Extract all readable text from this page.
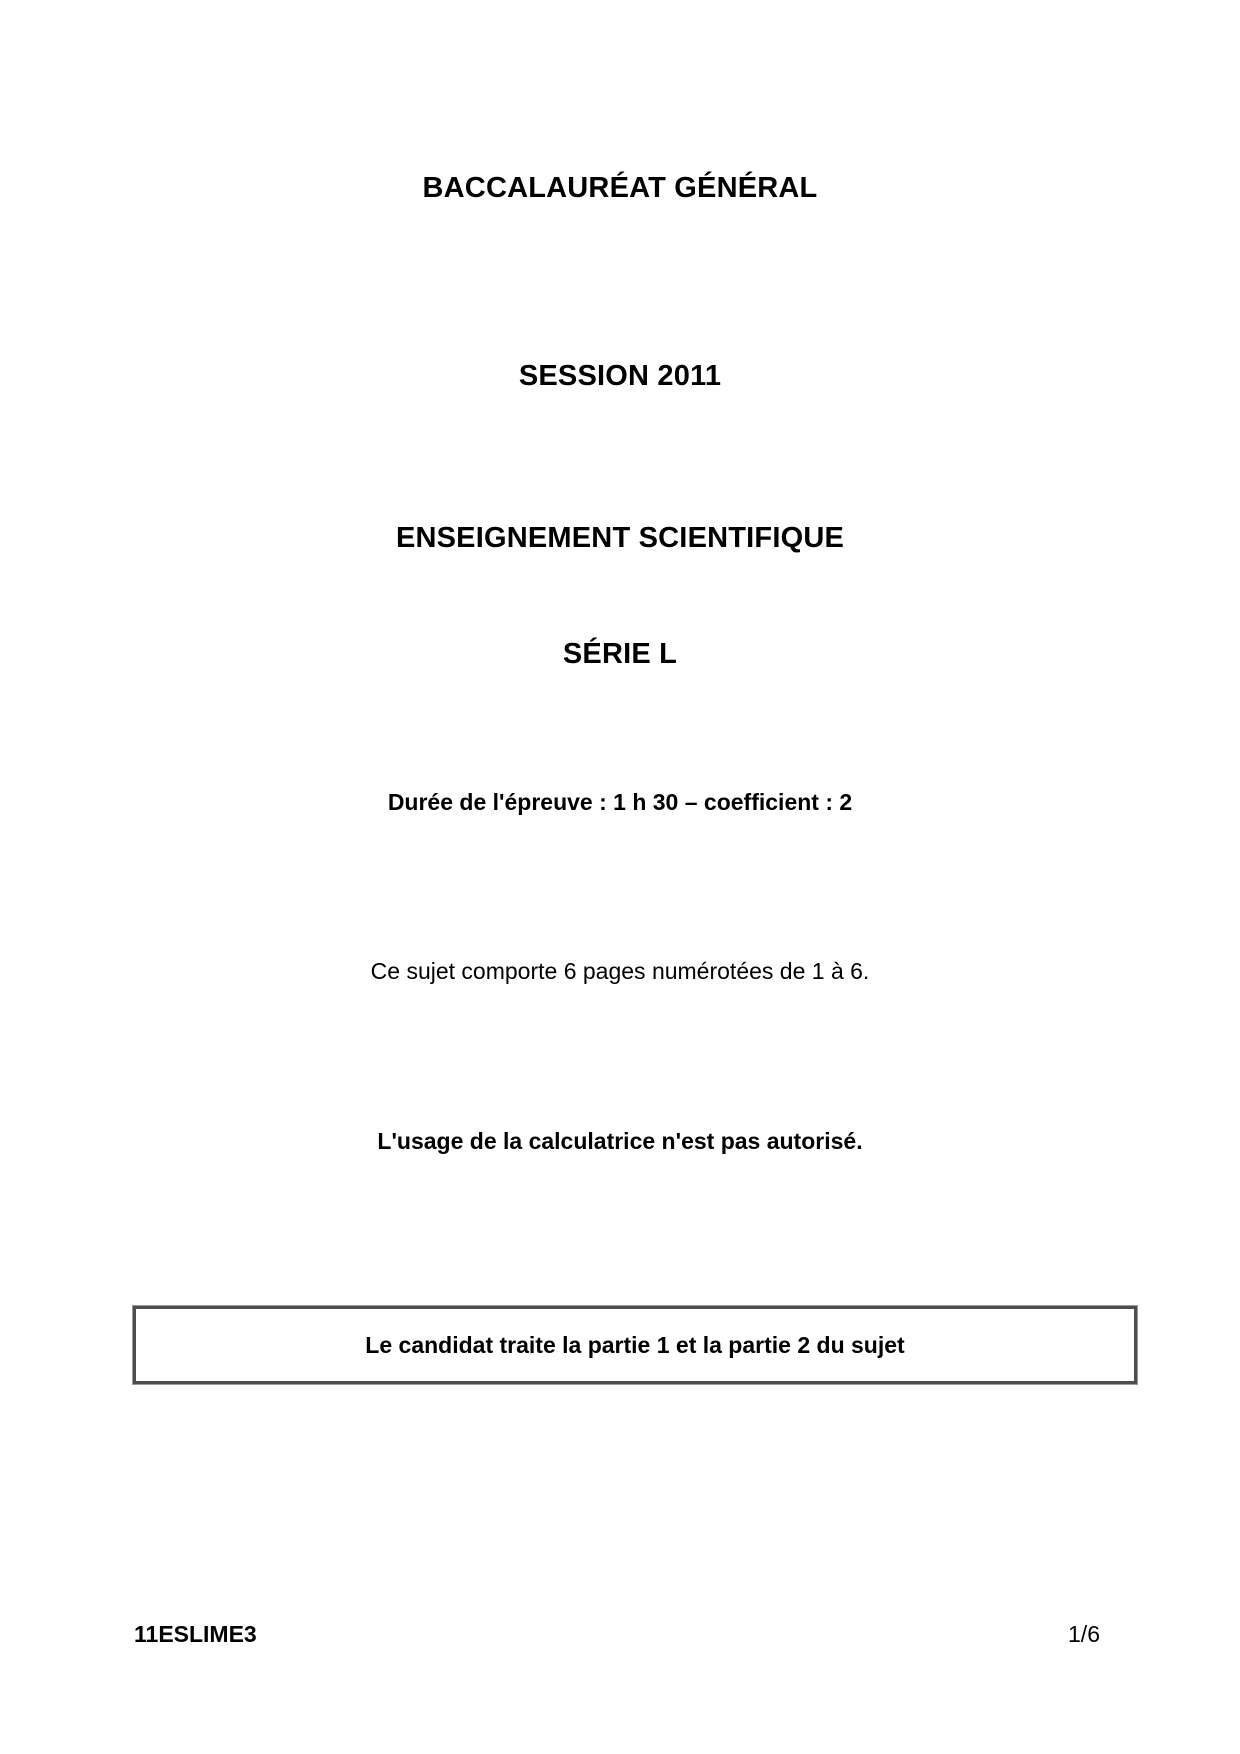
BACCALAURÉAT GÉNÉRAL
SESSION 2011
ENSEIGNEMENT SCIENTIFIQUE
SÉRIE L
Durée de l'épreuve : 1 h 30 – coefficient : 2
Ce sujet comporte 6 pages numérotées de 1 à 6.
L'usage de la calculatrice n'est pas autorisé.
Le candidat traite la partie 1 et la partie 2 du sujet
11ESLIME3	1/6
